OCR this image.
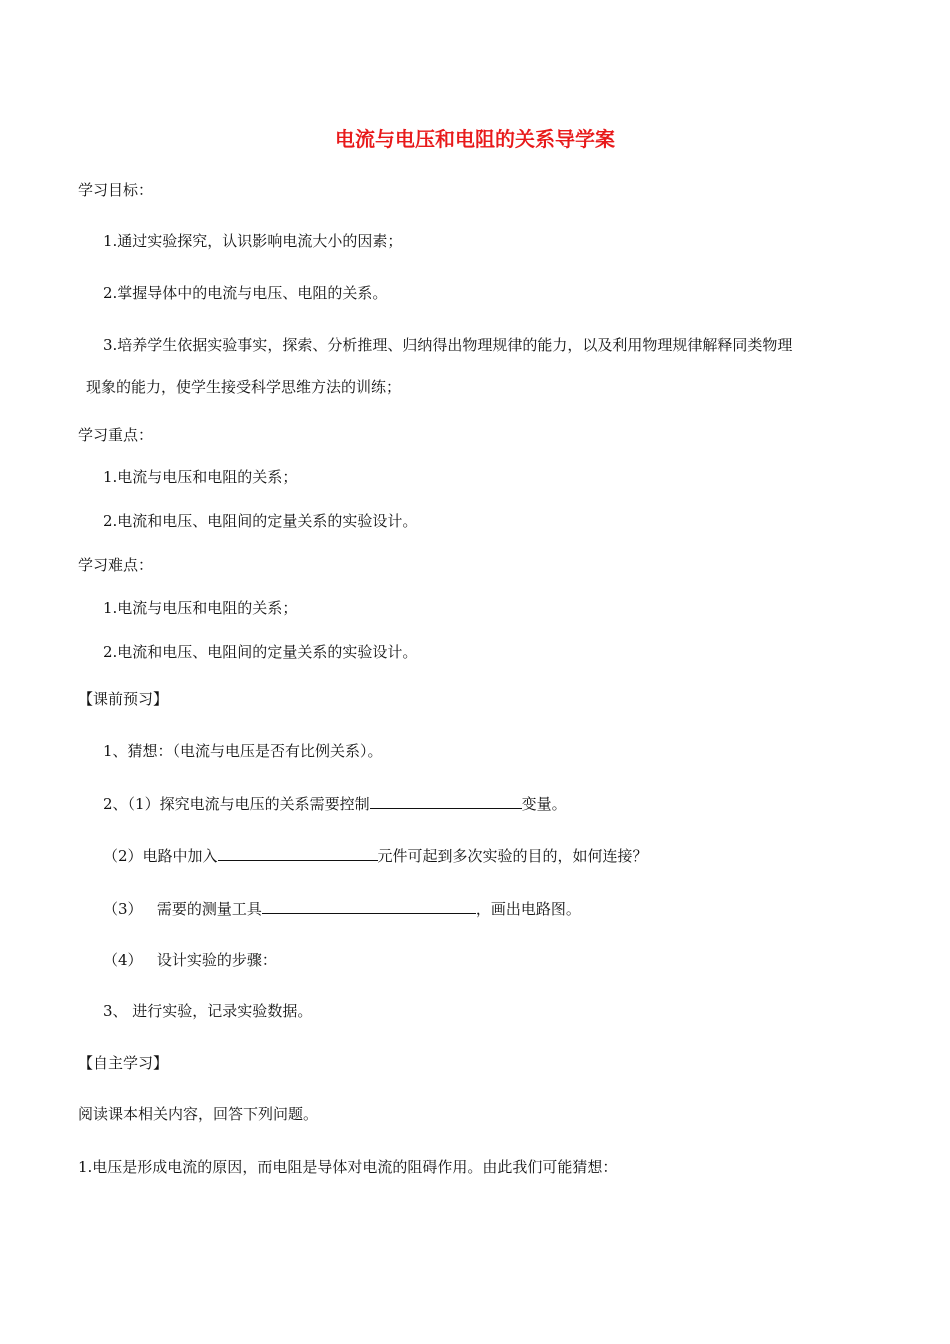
电流与电压和电阻的关系导学案
学习目标：
1.通过实验探究，认识影响电流大小的因素；
2.掌握导体中的电流与电压、电阻的关系。
3.培养学生依据实验事实，探索、分析推理、归纳得出物理规律的能力，以及利用物理规律解释同类物理
现象的能力，使学生接受科学思维方法的训练；
学习重点：
1.电流与电压和电阻的关系；
2.电流和电压、电阻间的定量关系的实验设计。
学习难点：
1.电流与电压和电阻的关系；
2.电流和电压、电阻间的定量关系的实验设计。
【课前预习】
1、猜想：（电流与电压是否有比例关系）。
2、（1）探究电流与电压的关系需要控制	变量。
（2）电路中加入	元件可起到多次实验的目的，如何连接？
（3）   需要的测量工具	，画出电路图。
（4）   设计实验的步骤：
3、 进行实验，记录实验数据。
【自主学习】
阅读课本相关内容，回答下列问题。
1.电压是形成电流的原因，而电阻是导体对电流的阻碍作用。由此我们可能猜想：
